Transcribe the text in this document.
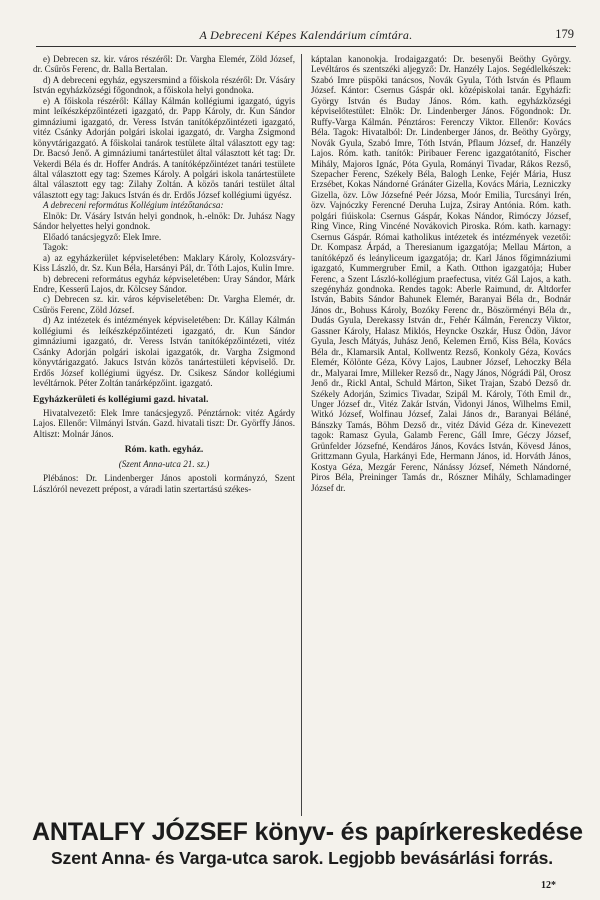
A Debreceni Képes Kalendárium címtára.	179

e) Debrecen sz. kir. város részéről: Dr. Vargha Elemér, Zöld József, dr. Csűrös Ferenc, dr. Balla Bertalan.

d) A debreceni egyház, egyszersmind a főiskola részéről: Dr. Vásáry István egyházközségi főgondnok, a főiskola helyi gondnoka.

e) A főiskola részéről: Kállay Kálmán kollégiumi igazgató, úgyis mint leíkészképzőintézeti igazgató, dr. Papp Károly, dr. Kun Sándor gimnáziumi igazgató, dr. Veress István tanítóképzőintézeti igazgató, vitéz Csánky Adorján polgári iskolai igazgató, dr. Vargha Zsigmond könyvtárigazgató. A főiskolai tanárok testülete által választott egy tag: Dr. Bacsó Jenő. A gimnáziumi tanártestület által választott két tag: Dr. Vekerdi Béla és dr. Hoffer András. A tanítóképzőintézet tanári testülete által választott egy tag: Szemes Károly. A polgári iskola tanártestülete által választott egy tag: Zilahy Zoltán. A közös tanári testület által választott egy tag: Jakucs István és dr. Erdős József kollégiumi ügyész.

A debreceni református Kollégium intézőtanácsa:

Elnök: Dr. Vásáry István helyi gondnok, h.-elnök: Dr. Juhász Nagy Sándor helyettes helyi gondnok.

Előadó tanácsjegyző: Elek Imre.

Tagok:

a) az egyházkerület képviseletében: Maklary Károly, Kolozsváry-Kiss László, dr. Sz. Kun Béla, Harsányi Pál, dr. Tóth Lajos, Kulin Imre.

b) debreceni református egyház képviseletében: Uray Sándor, Márk Endre, Kesserű Lajos, dr. Kölcsey Sándor.

c) Debrecen sz. kir. város képviseletében: Dr. Vargha Elemér, dr. Csűrös Ferenc, Zöld József.

d) Az intézetek és intézmények képviseletében: Dr. Kállay Kálmán kollégiumi és leíkészképzőintézeti igazgató, dr. Kun Sándor gimnáziumi igazgató, dr. Veress István tanítóképzőintézeti, vitéz Csánky Adorján polgári iskolai igazgatók, dr. Vargha Zsigmond könyvtárigazgató. Jakucs István közös tanártestületi képviselő. Dr. Erdős József kollégiumi ügyész. Dr. Csikesz Sándor kollégiumi levéltárnok. Péter Zoltán tanárképzőint. igazgató.

Egyházkerületi és kollégiumi gazd. hivatal.

Hivatalvezető: Elek Imre tanácsjegyző. Pénztárnok: vitéz Agárdy Lajos. Ellenőr: Vilmányi István. Gazd. hivatali tiszt: Dr. Györffy János. Altiszt: Molnár János.

Róm. kath. egyház.
(Szent Anna-utca 21. sz.)

Plébános: Dr. Lindenberger János apostoli kormányzó, Szent Lászlóról nevezett prépost, a váradi latin szertartású székes-

káptalan kanonokja. Irodaigazgató: Dr. besenyői Beöthy György. Levéltáros és szentszéki aljegyző: Dr. Hanzély Lajos. Segédlelkészek: Szabó Imre püspöki tanácsos, Novák Gyula, Tóth István és Pflaum József. Kántor: Csernus Gáspár okl. középiskolai tanár. Egyházfi: György István és Buday János. Róm. kath. egyházközségi képviselőtestület: Elnök: Dr. Lindenberger János. Főgondnok: Dr. Ruffy-Varga Kálmán. Pénztáros: Ferenczy Viktor. Ellenőr: Kovács Béla. Tagok: Hivatalból: Dr. Lindenberger János, dr. Beöthy György, Novák Gyula, Szabó Imre, Tóth István, Pflaum József, dr. Hanzély Lajos. Róm. kath. tanítók: Piribauer Ferenc igazgatótanító, Fischer Mihály, Majoros Ignác, Póta Gyula, Rományi Tivadar, Rákos Rezső, Szepacher Ferenc, Székely Béla, Balogh Lenke, Fejér Mária, Husz Erzsébet, Kokas Nándorné Gránáter Gizella, Kovács Mária, Lezniczky Gizella, özv. Löw Józsefné Peér Józsa, Moór Emilia, Turcsányi Irén, özv. Vajnóczky Ferencné Deruha Lujza, Zsiray Antónia. Róm. kath. polgári fiúiskola: Csernus Gáspár, Kokas Nándor, Rimóczy József, Ring Vince, Ring Vincéné Novákovich Piroska. Róm. kath. karnagy: Csernus Gáspár. Római katholikus intézetek és intézmények vezetői: Dr. Kompasz Árpád, a Theresianum igazgatója; Mellau Márton, a tanítóképző és leányliceum igazgatója; dr. Karl János főgimnáziumi igazgató, Kummergruber Emil, a Kath. Otthon igazgatója; Huber Ferenc, a Szent László-kollégium praefectusa, vitéz Gál Lajos, a kath. szegényház gondnoka. Rendes tagok: Aberle Raimund, dr. Altdorfer István, Babits Sándor Bahunek Elemér, Baranyai Béla dr., Bodnár János dr., Bohuss Károly, Bozóky Ferenc dr., Böszörményi Béla dr., Dudás Gyula, Derekassy István dr., Fehér Kálmán, Ferenczy Viktor, Gassner Károly, Halasz Miklós, Heyncke Oszkár, Husz Ödön, Jávor Gyula, Jesch Mátyás, Juhász Jenő, Kelemen Ernő, Kiss Béla, Kovács Béla dr., Klamarsik Antal, Kollwentz Rezső, Konkoly Géza, Kovács Elemér, Kölönte Géza, Kövy Lajos, Laubner József, Lehoczky Béla dr., Malyarai Imre, Milleker Rezső dr., Nagy János, Nógrádi Pál, Orosz Jenő dr., Rickl Antal, Schuld Márton, Siket Trajan, Szabó Dezső dr. Székely Adorján, Szimics Tivadar, Szipál M. Károly, Tóth Emil dr., Unger József dr., Vitéz Zakár István, Vidonyi János, Wilhelms Emil, Witkó József, Wolfinau József, Zalai János dr., Baranyai Béláné, Bánszky Tamás, Böhm Dezső dr., vitéz Dávid Géza dr. Kinevezett tagok: Ramasz Gyula, Galamb Ferenc, Gáll Imre, Géczy József, Grünfelder Józsefné, Kendáros János, Kovács István, Kövesd János, Grittzmann Gyula, Harkányi Ede, Hermann János, id. Horváth János, Kostya Géza, Mezgár Ferenc, Nánássy József, Németh Nándorné, Piros Béla, Preininger Tamás dr., Rószner Mihály, Schlamadinger József dr.

ANTALFY JÓZSEF könyv- és papírkereskedése
Szent Anna- és Varga-utca sarok. Legjobb bevásárlási forrás.
12*
